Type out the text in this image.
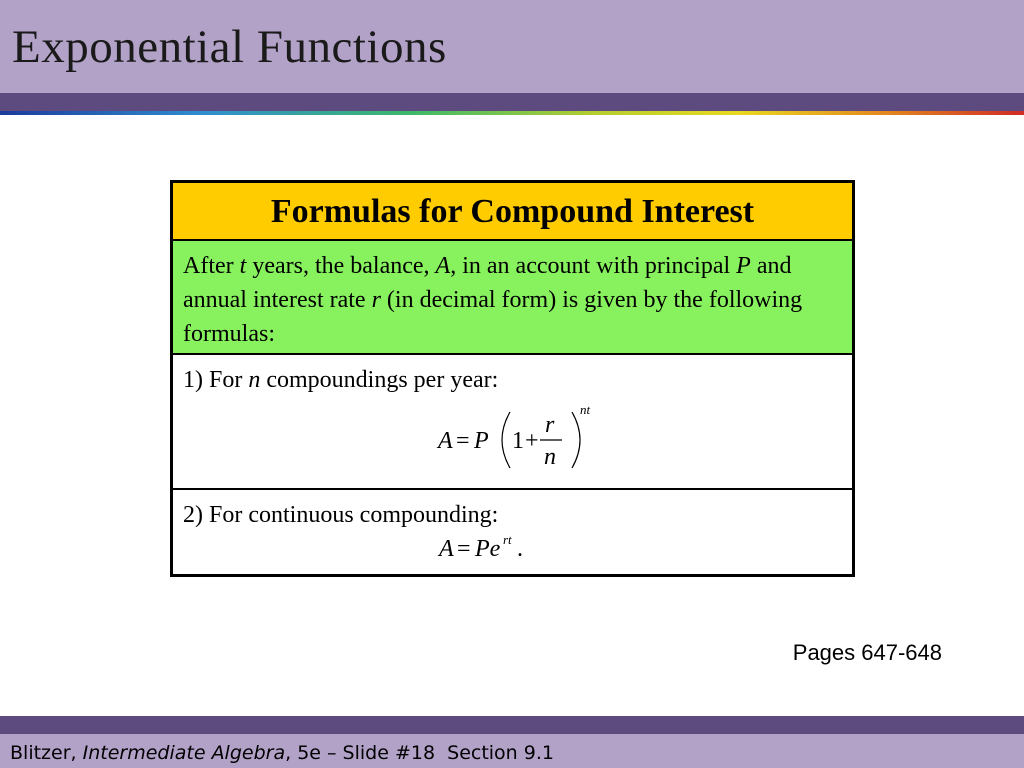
Exponential Functions
Formulas for Compound Interest
After t years, the balance, A, in an account with principal P and annual interest rate r (in decimal form) is given by the following formulas:
1) For n compoundings per year:
A = P 1 +
r
n
nt
2) For continuous compounding:
A = Pe rt .
Pages 647-648
Blitzer, Intermediate Algebra, 5e – Slide #18  Section 9.1
